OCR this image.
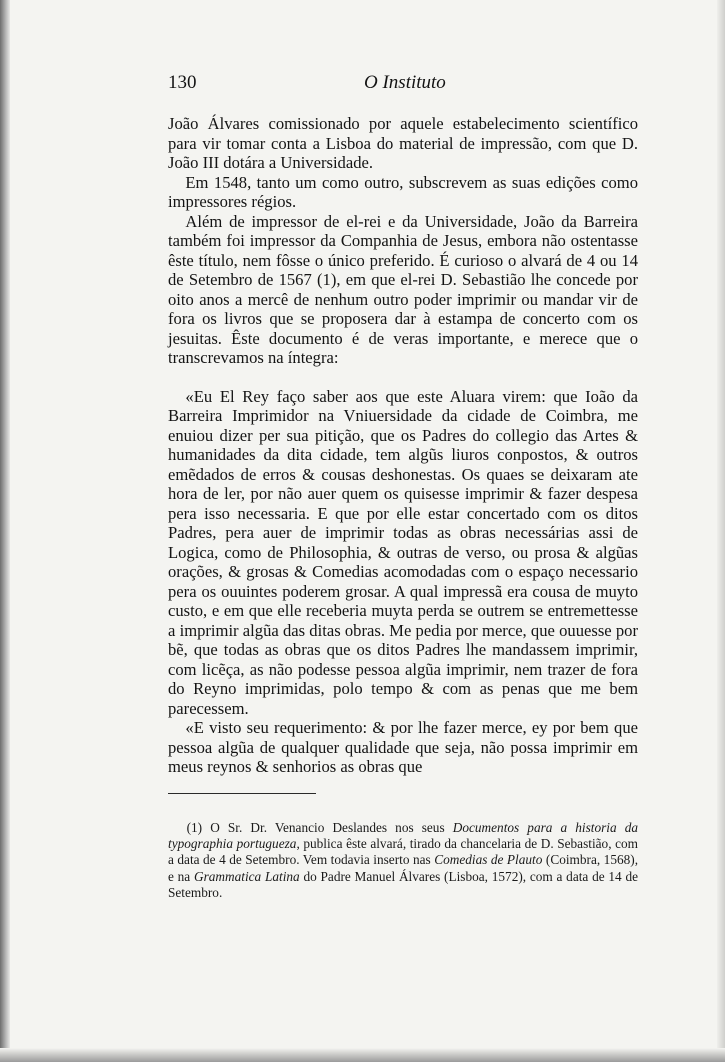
130	O Instituto

João Álvares comissionado por aquele estabelecimento scientífico para vir tomar conta a Lisboa do material de impressão, com que D. João III dotára a Universidade.

Em 1548, tanto um como outro, subscrevem as suas edições como impressores régios.

Além de impressor de el-rei e da Universidade, João da Barreira também foi impressor da Companhia de Jesus, embora não ostentasse êste título, nem fôsse o único preferido. É curioso o alvará de 4 ou 14 de Setembro de 1567 (1), em que el-rei D. Sebastião lhe concede por oito anos a mercê de nenhum outro poder imprimir ou mandar vir de fora os livros que se proposera dar à estampa de concerto com os jesuitas. Êste documento é de veras importante, e merece que o transcrevamos na íntegra:

«Eu El Rey faço saber aos que este Aluara virem: que Ioão da Barreira Imprimidor na Vniuersidade da cidade de Coimbra, me enuiou dizer per sua pitição, que os Padres do collegio das Artes & humanidades da dita cidade, tem algũs liuros conpostos, & outros emẽdados de erros & cousas deshonestas. Os quaes se deixaram ate hora de ler, por não auer quem os quisesse imprimir & fazer despesa pera isso necessaria. E que por elle estar concertado com os ditos Padres, pera auer de imprimir todas as obras necessárias assi de Logica, como de Philosophia, & outras de verso, ou prosa & algũas orações, & grosas & Comedias acomodadas com o espaço necessario pera os ouuintes poderem grosar. A qual impressã era cousa de muyto custo, e em que elle receberia muyta perda se outrem se entremettesse a imprimir algũa das ditas obras. Me pedia por merce, que ouuesse por bẽ, que todas as obras que os ditos Padres lhe mandassem imprimir, com licẽça, as não podesse pessoa algũa imprimir, nem trazer de fora do Reyno imprimidas, polo tempo & com as penas que me bem parecessem.

«E visto seu requerimento: & por lhe fazer merce, ey por bem que pessoa algũa de qualquer qualidade que seja, não possa imprimir em meus reynos & senhorios as obras que

(1) O Sr. Dr. Venancio Deslandes nos seus Documentos para a historia da typographia portugueza, publica êste alvará, tirado da chancelaria de D. Sebastião, com a data de 4 de Setembro. Vem todavia inserto nas Comedias de Plauto (Coimbra, 1568), e na Grammatica Latina do Padre Manuel Álvares (Lisboa, 1572), com a data de 14 de Setembro.
